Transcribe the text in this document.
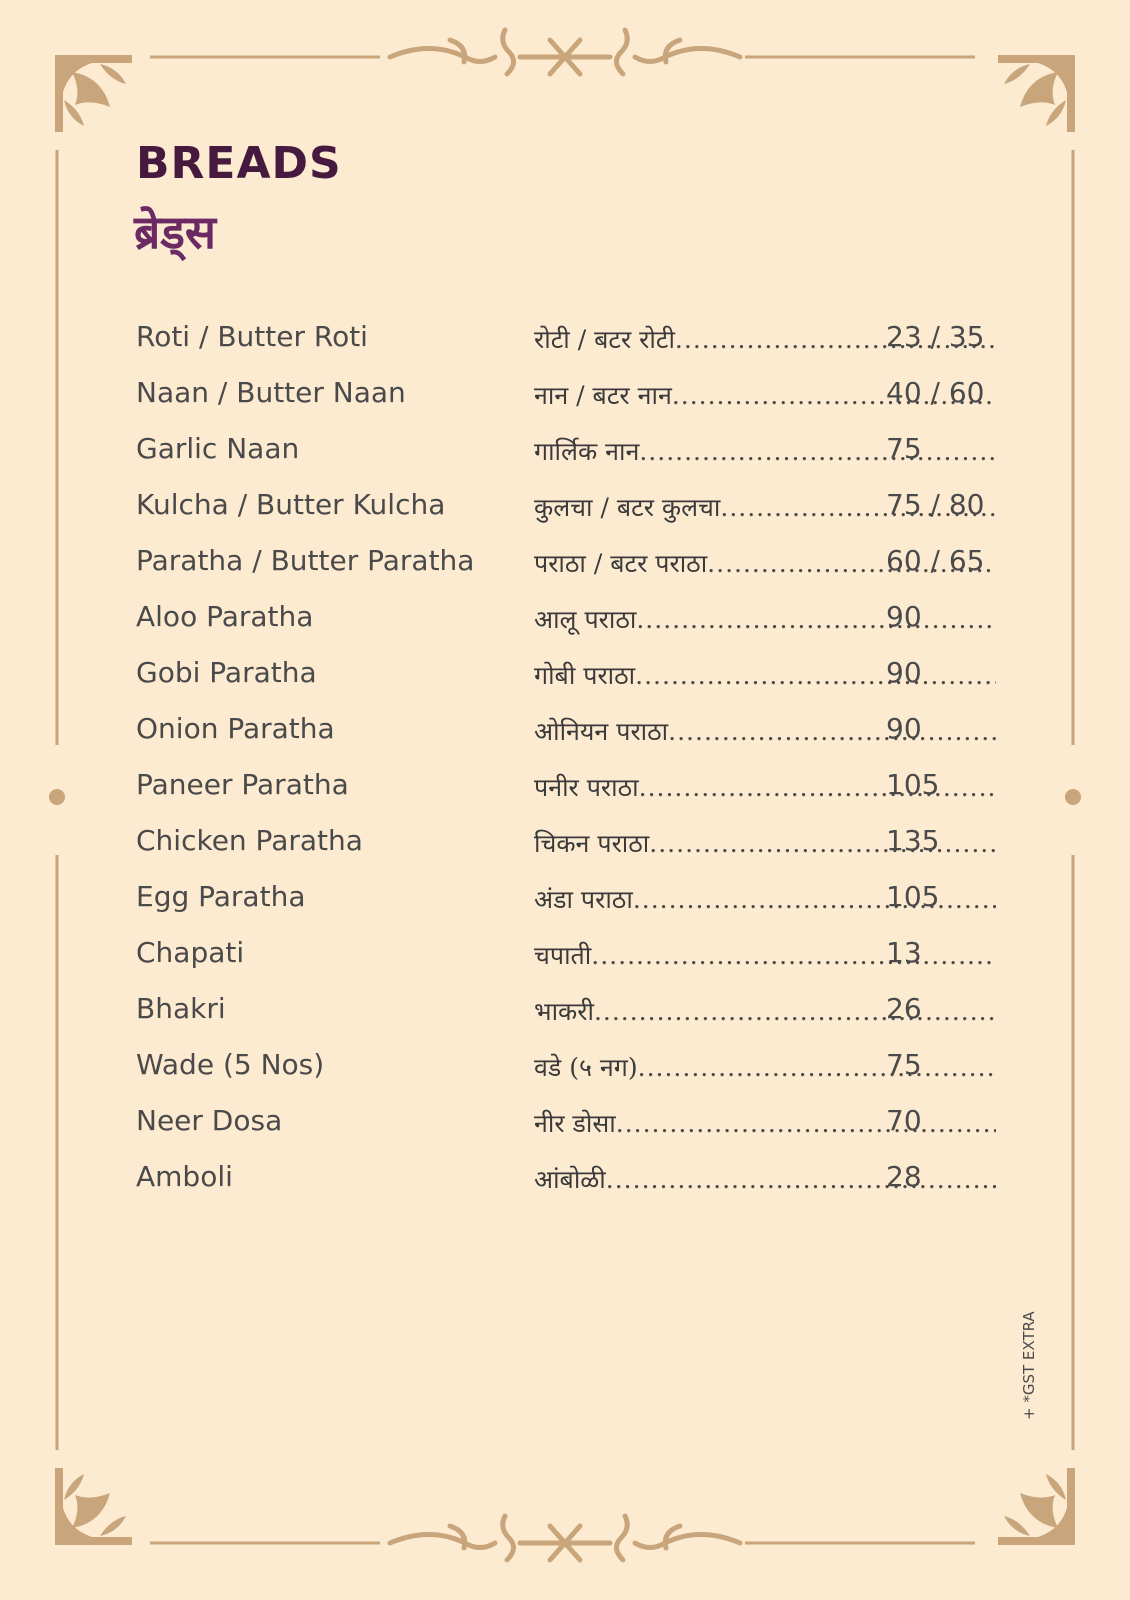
BREADS
ब्रेड्स
Roti / Butter Roti	रोटी / बटर रोटी .....	23 / 35
Naan / Butter Naan	नान / बटर नान .....	40 / 60
Garlic Naan	गार्लिक नान .....	75
Kulcha / Butter Kulcha	कुलचा / बटर कुलचा .....	75 / 80
Paratha / Butter Paratha पराठा / बटर पराठा .....	60 / 65
Aloo Paratha	आलू पराठा .....	90
Gobi Paratha	गोबी पराठा .....	90
Onion Paratha	ओनियन पराठा .....	90
Paneer Paratha	पनीर पराठा .....	105
Chicken Paratha	चिकन पराठा .....	135
Egg Paratha	अंडा पराठा .....	105
Chapati	चपाती .....	13
Bhakri	भाकरी .....	26
Wade (5 Nos)	वडे (५ नग) .....	75
Neer Dosa	नीर डोसा .....	70
Amboli	आंबोळी .....	28
+ *GST EXTRA
